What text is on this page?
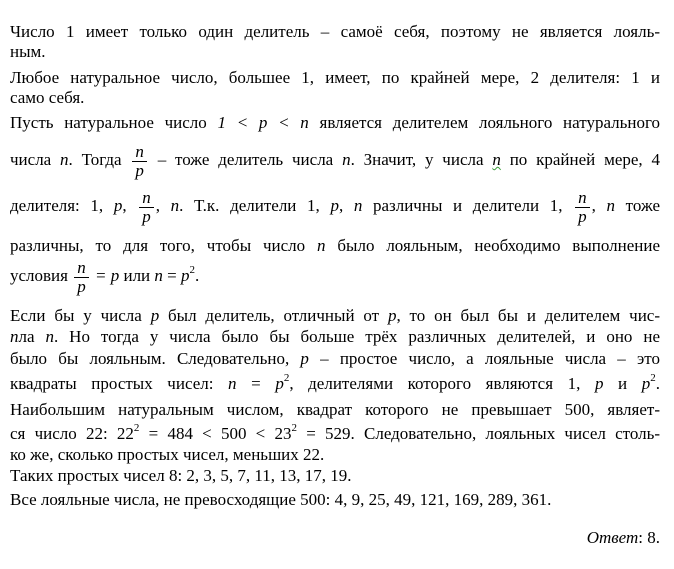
Число 1 имеет только один делитель – самоё себя, поэтому не является лояль-
ным.
Любое натуральное число, большее 1, имеет, по крайней мере, 2 делителя: 1 и
само себя.
Пусть натуральное число 1 < p < n является делителем лояльного натурального
числа n. Тогда $\frac{n}{p}$ – тоже делитель числа n. Значит, у числа n по крайней мере, 4
делителя: 1, p, $\frac{n}{p}$ , n. Т.к. делители 1, p, n различны и делители 1, $\frac{n}{p}$ , n тоже
различны, то для того, чтобы число n было лояльным, необходимо выполнение
условия $\frac{n}{p} = p$ или $n = p^2$.
Если бы у числа p был делитель, отличный от p, то он был бы и делителем чис-
nла n. Но тогда у числа было бы больше трёх различных делителей, и оно не
было бы лояльным. Следовательно, p – простое число, а лояльные числа – это
квадраты простых чисел: $n = p^2$, делителями которого являются 1, p и $p^2$.
Наибольшим натуральным числом, квадрат которого не превышает 500, являет-
ся число 22: $22^2 = 484 < 500 < 23^2 = 529$. Следовательно, лояльных чисел столь-
ко же, сколько простых чисел, меньших 22.
Таких простых чисел 8: 2, 3, 5, 7, 11, 13, 17, 19.
Все лояльные числа, не превосходящие 500: 4, 9, 25, 49, 121, 169, 289, 361.
Ответ: 8.
